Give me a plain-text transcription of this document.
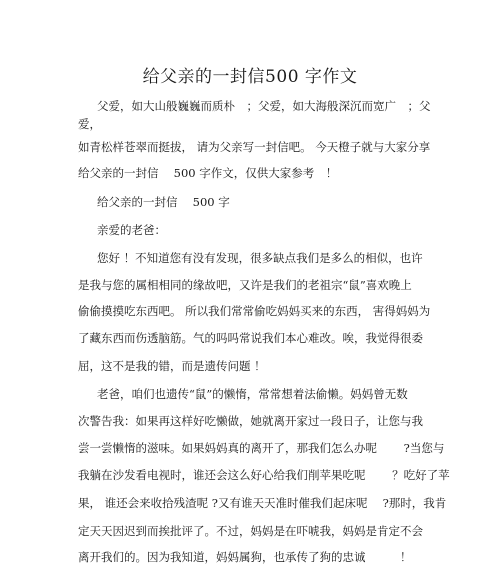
给父亲的一封信500 字作文
父爱，如大山般巍巍而质朴　；父爱，如大海般深沉而宽广　；父
爱，
如青松样苍翠而挺拔， 请为父亲写一封信吧。 今天橙子就与大家分享
给父亲的一封信　 500 字作文，仅供大家参考　！
给父亲的一封信　 500 字
亲爱的老爸：
您好 ！不知道您有没有发现，很多缺点我们是多么的相似，也许
是我与您的属相相同的缘故吧，又许是我们的老祖宗“鼠”喜欢晚上
偷偷摸摸吃东西吧。 所以我们常常偷吃妈妈买来的东西， 害得妈妈为
了藏东西而伤透脑筋。气的吗吗常说我们本心难改。唉，我觉得很委
屈，这不是我的错，而是遗传问题 ！
老爸，咱们也遗传“鼠”的懒惰，常常想着法偷懒。妈妈曾无数
次警告我：如果再这样好吃懒做，她就离开家过一段日子，让您与我
尝一尝懒惰的滋味。如果妈妈真的离开了，那我们怎么办呢　　 ?当您与
我躺在沙发看电视时，谁还会这么好心给我们削苹果吃呢　　 ？吃好了苹
果， 谁还会来收拾残渣呢 ?又有谁天天准时催我们起床呢　 ?那时，我肯
定天天因迟到而挨批评了。不过，妈妈是在吓唬我，妈妈是肯定不会
离开我们的。因为我知道，妈妈属狗，也承传了狗的忠诚　　　！
